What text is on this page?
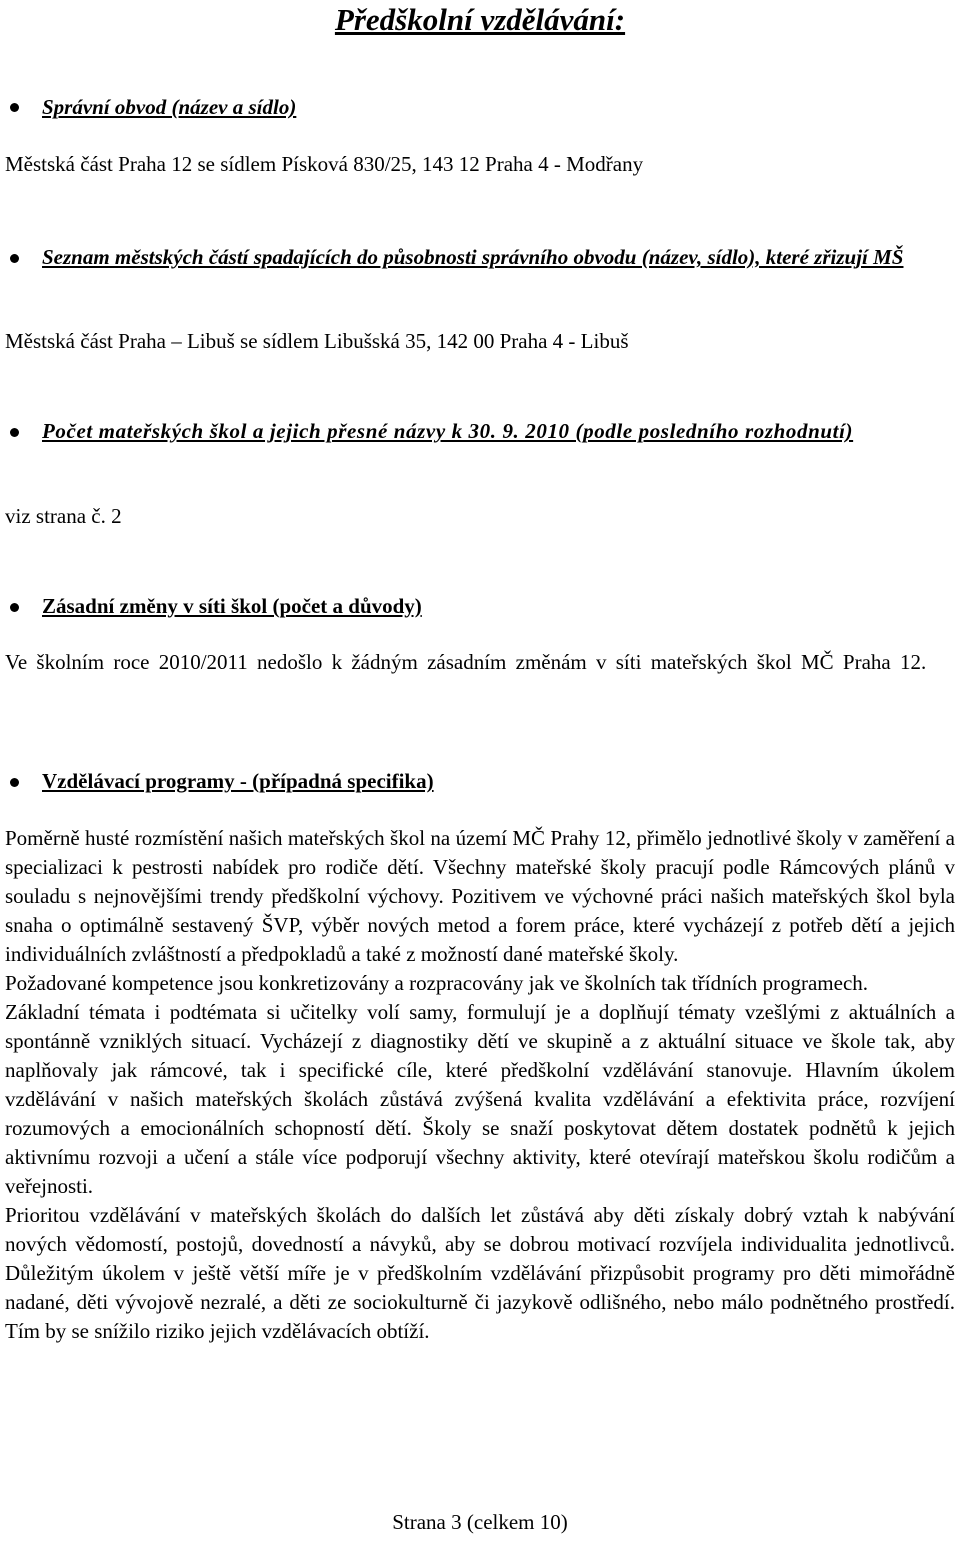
Předškolní vzdělávání:
Správní obvod (název a sídlo)
Městská část Praha 12 se sídlem Písková 830/25, 143 12 Praha 4 - Modřany
Seznam městských částí spadajících do působnosti správního obvodu (název, sídlo), které zřizují MŠ
Městská část Praha – Libuš se sídlem Libušská 35, 142 00 Praha 4 - Libuš
Počet mateřských škol a jejich přesné názvy k 30. 9. 2010 (podle posledního rozhodnutí)
viz strana č. 2
Zásadní změny v síti škol (počet a důvody)
Ve školním roce 2010/2011 nedošlo k žádným zásadním změnám v síti mateřských škol MČ Praha 12.
Vzdělávací programy - (případná specifika)

Poměrně husté rozmístění našich mateřských škol na území MČ Prahy 12, přimělo jednotlivé školy v zaměření a specializaci k pestrosti nabídek pro rodiče dětí. Všechny mateřské školy pracují podle Rámcových plánů v souladu s nejnovějšími trendy předškolní výchovy. Pozitivem ve výchovné práci našich mateřských škol byla snaha o optimálně sestavený ŠVP, výběr nových metod a forem práce, které vycházejí z potřeb dětí a jejich individuálních zvláštností a předpokladů a také z možností dané mateřské školy.

Požadované kompetence jsou konkretizovány a rozpracovány jak ve školních tak třídních programech.

Základní témata i podtémata si učitelky volí samy, formulují je a doplňují tématy vzešlými z aktuálních a spontánně vzniklých situací. Vycházejí z diagnostiky dětí ve skupině a z aktuální situace ve škole tak, aby naplňovaly jak rámcové, tak i specifické cíle, které předškolní vzdělávání stanovuje. Hlavním úkolem vzdělávání v našich mateřských školách zůstává zvýšená kvalita vzdělávání a efektivita práce, rozvíjení rozumových a emocionálních schopností dětí. Školy se snaží poskytovat dětem dostatek podnětů k jejich aktivnímu rozvoji a učení a stále více podporují všechny aktivity, které otevírají mateřskou školu rodičům a veřejnosti.

Prioritou vzdělávání v mateřských školách do dalších let zůstává aby děti získaly dobrý vztah k nabývání nových vědomostí, postojů, dovedností a návyků, aby se dobrou motivací rozvíjela individualita jednotlivců. Důležitým úkolem v ještě větší míře je v předškolním vzdělávání přizpůsobit programy pro děti mimořádně nadané, děti vývojově nezralé, a děti ze sociokulturně či jazykově odlišného, nebo málo podnětného prostředí. Tím by se snížilo riziko jejich vzdělávacích obtíží.

Strana 3 (celkem 10)
